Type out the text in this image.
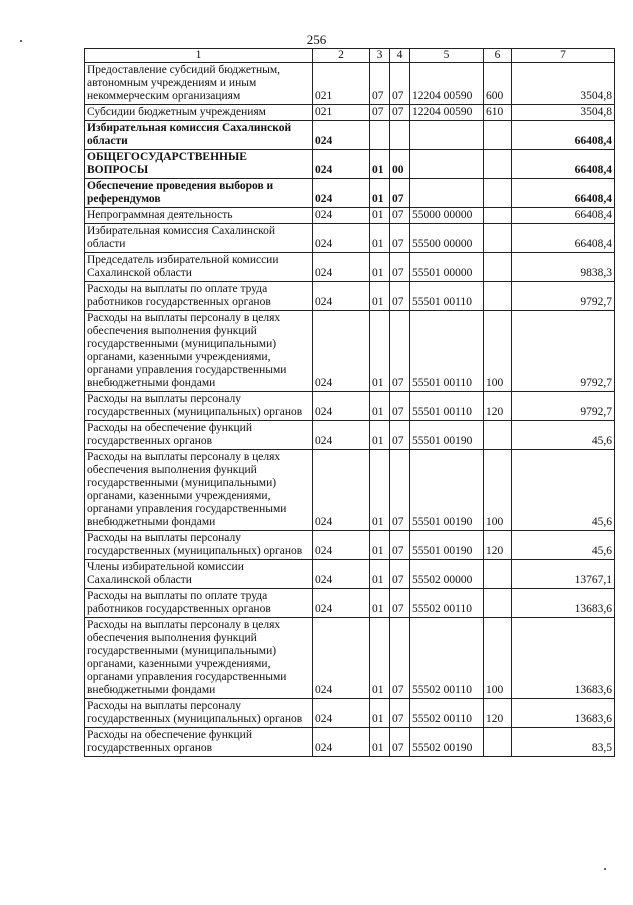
256
1	2	3	4	5	6	7
Предоставление субсидий бюджетным, автономным учреждениям и иным некоммерческим организациям	021	07	07	12204 00590	600	3504,8
Субсидии бюджетным учреждениям	021	07	07	12204 00590	610	3504,8
Избирательная комиссия Сахалинской области	024					66408,4
ОБЩЕГОСУДАРСТВЕННЫЕ ВОПРОСЫ	024	01	00			66408,4
Обеспечение проведения выборов и референдумов	024	01	07			66408,4
Непрограммная деятельность	024	01	07	55000 00000		66408,4
Избирательная комиссия Сахалинской области	024	01	07	55500 00000		66408,4
Председатель избирательной комиссии Сахалинской области	024	01	07	55501 00000		9838,3
Расходы на выплаты по оплате труда работников государственных органов	024	01	07	55501 00110		9792,7
Расходы на выплаты персоналу в целях обеспечения выполнения функций государственными (муниципальными) органами, казенными учреждениями, органами управления государственными внебюджетными фондами	024	01	07	55501 00110	100	9792,7
Расходы на выплаты персоналу государственных (муниципальных) органов	024	01	07	55501 00110	120	9792,7
Расходы на обеспечение функций государственных органов	024	01	07	55501 00190		45,6
Расходы на выплаты персоналу в целях обеспечения выполнения функций государственными (муниципальными) органами, казенными учреждениями, органами управления государственными внебюджетными фондами	024	01	07	55501 00190	100	45,6
Расходы на выплаты персоналу государственных (муниципальных) органов	024	01	07	55501 00190	120	45,6
Члены избирательной комиссии Сахалинской области	024	01	07	55502 00000		13767,1
Расходы на выплаты по оплате труда работников государственных органов	024	01	07	55502 00110		13683,6
Расходы на выплаты персоналу в целях обеспечения выполнения функций государственными (муниципальными) органами, казенными учреждениями, органами управления государственными внебюджетными фондами	024	01	07	55502 00110	100	13683,6
Расходы на выплаты персоналу государственных (муниципальных) органов	024	01	07	55502 00110	120	13683,6
Расходы на обеспечение функций государственных органов	024	01	07	55502 00190		83,5
